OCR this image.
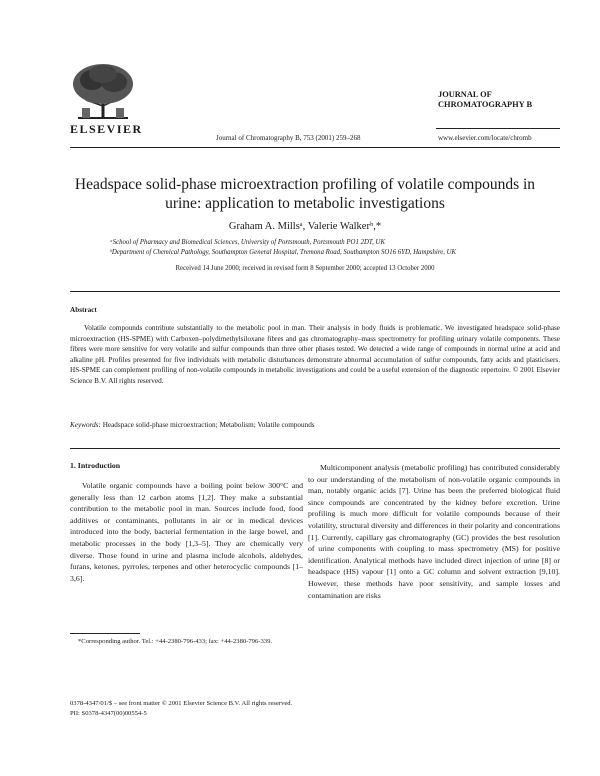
ELSEVIER
Journal of Chromatography B, 753 (2001) 259–268
JOURNAL OF
CHROMATOGRAPHY B
www.elsevier.com/locate/chromb
Headspace solid-phase microextraction profiling of volatile compounds in urine: application to metabolic investigations
Graham A. Millsᵃ, Valerie Walkerᵇ,*
ᵃSchool of Pharmacy and Biomedical Sciences, University of Portsmouth, Portsmouth PO1 2DT, UK
ᵇDepartment of Chemical Pathology, Southampton General Hospital, Tremona Road, Southampton SO16 6YD, Hampshire, UK
Received 14 June 2000; received in revised form 8 September 2000; accepted 13 October 2000
Abstract

Volatile compounds contribute substantially to the metabolic pool in man. Their analysis in body fluids is problematic. We investigated headspace solid-phase microextraction (HS-SPME) with Carboxen–polydimethylsiloxane fibres and gas chromatography–mass spectrometry for profiling urinary volatile components. These fibres were more sensitive for very volatile and sulfur compounds than three other phases tested. We detected a wide range of compounds in normal urine at acid and alkaline pH. Profiles presented for five individuals with metabolic disturbances demonstrate abnormal accumulation of sulfur compounds, fatty acids and plasticisers. HS-SPME can complement profiling of non-volatile compounds in metabolic investigations and could be a useful extension of the diagnostic repertoire. © 2001 Elsevier Science B.V. All rights reserved.

Keywords: Headspace solid-phase microextraction; Metabolism; Volatile compounds
1. Introduction

Volatile organic compounds have a boiling point below 300°C and generally less than 12 carbon atoms [1,2]. They make a substantial contribution to the metabolic pool in man. Sources include food, food additives or contaminants, pollutants in air or in medical devices introduced into the body, bacterial fermentation in the large bowel, and metabolic processes in the body [1,3–5]. They are chemically very diverse. Those found in urine and plasma include alcohols, aldehydes, furans, ketones, pyrroles, terpenes and other heterocyclic compounds [1–3,6].

Multicomponent analysis (metabolic profiling) has contributed considerably to our understanding of the metabolism of non-volatile organic compounds in man, notably organic acids [7]. Urine has been the preferred biological fluid since compounds are concentrated by the kidney before excretion. Urine profiling is much more difficult for volatile compounds because of their volatility, structural diversity and differences in their polarity and concentrations [1]. Currently, capillary gas chromatography (GC) provides the best resolution of urine components with coupling to mass spectrometry (MS) for positive identification. Analytical methods have included direct injection of urine [8] or headspace (HS) vapour [1] onto a GC column and solvent extraction [9,10]. However, these methods have poor sensitivity, and sample losses and contamination are risks

*Corresponding author. Tel.: +44-2380-796-433; fax: +44-2380-796-339.

0378-4347/01/$ – see front matter © 2001 Elsevier Science B.V. All rights reserved.
PII: S0378-4347(00)00554-5
